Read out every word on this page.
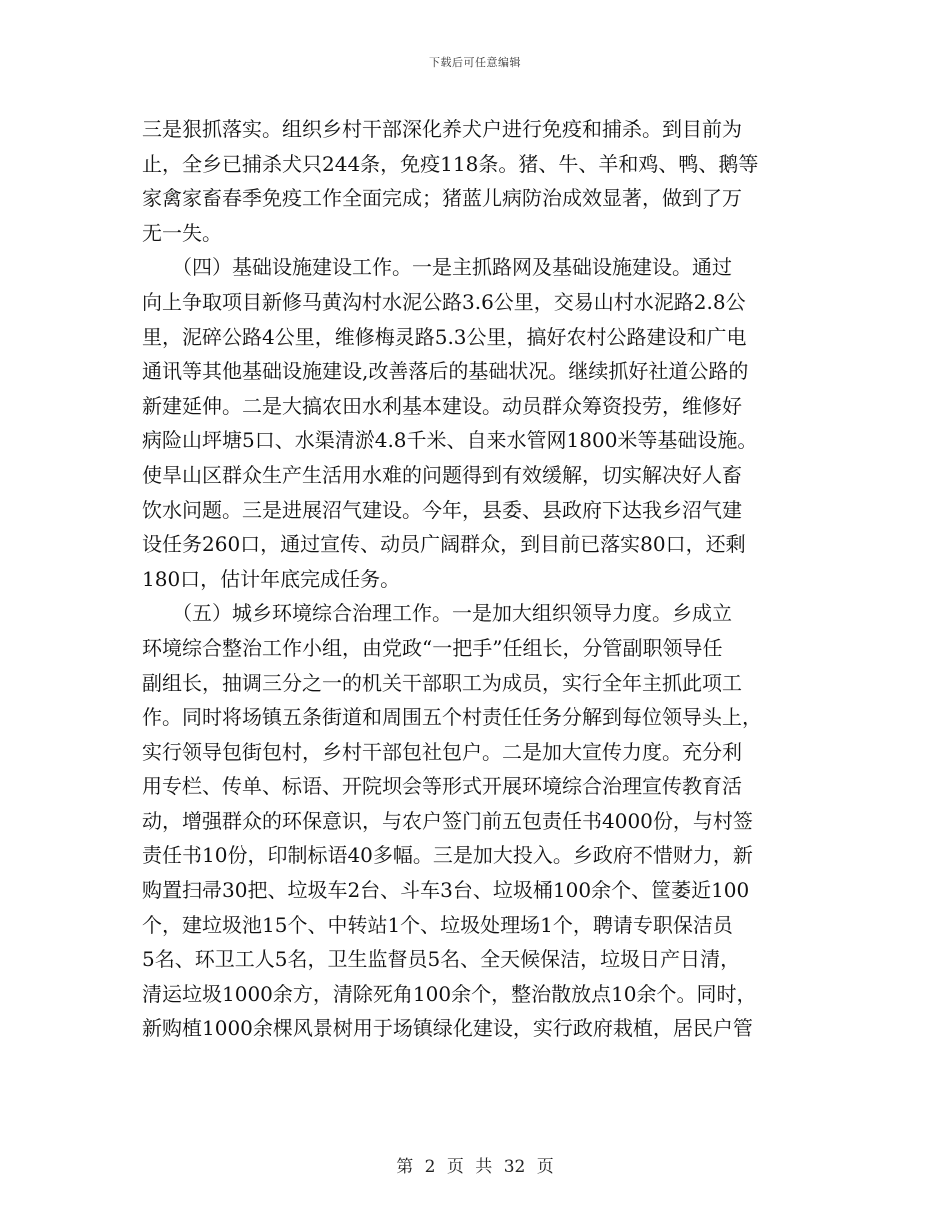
下载后可任意编辑
三是狠抓落实。组织乡村干部深化养犬户进行免疫和捕杀。到目前为
止，全乡已捕杀犬只244条，免疫118条。猪、牛、羊和鸡、鸭、鹅等
家禽家畜春季免疫工作全面完成；猪蓝儿病防治成效显著，做到了万
无一失。
　　（四）基础设施建设工作。一是主抓路网及基础设施建设。通过
向上争取项目新修马黄沟村水泥公路3.6公里，交易山村水泥路2.8公
里，泥碎公路4公里，维修梅灵路5.3公里，搞好农村公路建设和广电
通讯等其他基础设施建设,改善落后的基础状况。继续抓好社道公路的
新建延伸。二是大搞农田水利基本建设。动员群众筹资投劳，维修好
病险山坪塘5口、水渠清淤4.8千米、自来水管网1800米等基础设施。
使旱山区群众生产生活用水难的问题得到有效缓解，切实解决好人畜
饮水问题。三是进展沼气建设。今年，县委、县政府下达我乡沼气建
设任务260口，通过宣传、动员广阔群众，到目前已落实80口，还剩
180口，估计年底完成任务。
　　（五）城乡环境综合治理工作。一是加大组织领导力度。乡成立
环境综合整治工作小组，由党政“一把手”任组长，分管副职领导任
副组长，抽调三分之一的机关干部职工为成员，实行全年主抓此项工
作。同时将场镇五条街道和周围五个村责任任务分解到每位领导头上，
实行领导包街包村，乡村干部包社包户。二是加大宣传力度。充分利
用专栏、传单、标语、开院坝会等形式开展环境综合治理宣传教育活
动，增强群众的环保意识，与农户签门前五包责任书4000份，与村签
责任书10份，印制标语40多幅。三是加大投入。乡政府不惜财力，新
购置扫帚30把、垃圾车2台、斗车3台、垃圾桶100余个、筐萎近100
个，建垃圾池15个、中转站1个、垃圾处理场1个，聘请专职保洁员
5名、环卫工人5名，卫生监督员5名、全天候保洁，垃圾日产日清，
清运垃圾1000余方，清除死角100余个，整治散放点10余个。同时，
新购植1000余棵风景树用于场镇绿化建设，实行政府栽植，居民户管
第 2 页 共 32 页
